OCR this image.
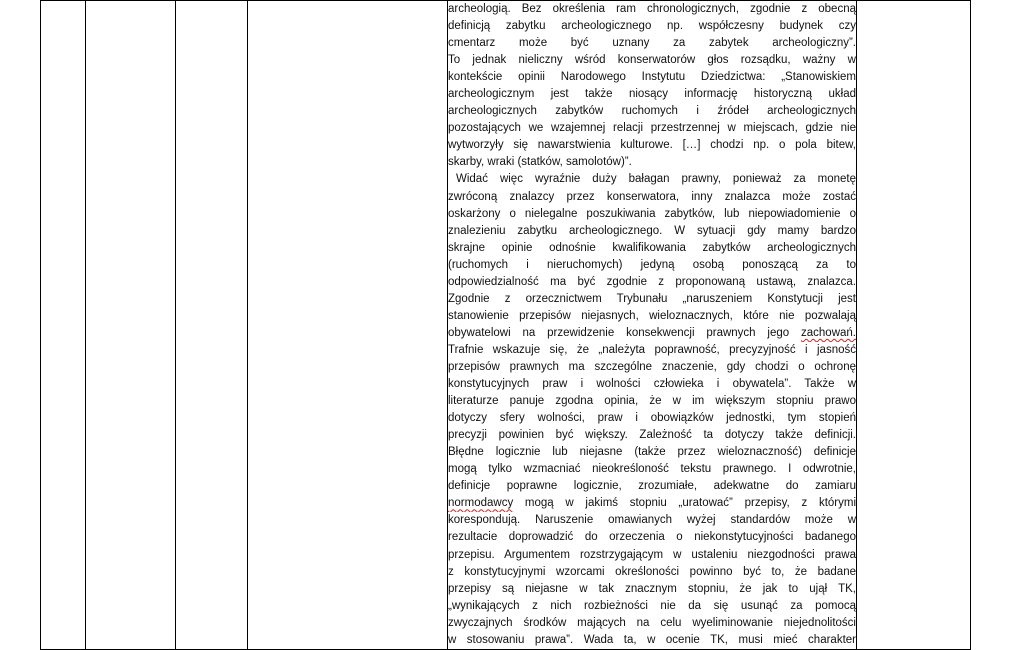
archeologią. Bez określenia ram chronologicznych, zgodnie z obecną
definicją zabytku archeologicznego np. współczesny budynek czy
cmentarz może być uznany za zabytek archeologiczny”.
To jednak nieliczny wśród konserwatorów głos rozsądku, ważny w
kontekście opinii Narodowego Instytutu Dziedzictwa: „Stanowiskiem
archeologicznym jest także niosący informację historyczną układ
archeologicznych zabytków ruchomych i źródeł archeologicznych
pozostających we wzajemnej relacji przestrzennej w miejscach, gdzie nie
wytworzyły się nawarstwienia kulturowe. […] chodzi np. o pola bitew,
skarby, wraki (statków, samolotów)”.

Widać więc wyraźnie duży bałagan prawny, ponieważ za monetę
zwróconą znalazcy przez konserwatora, inny znalazca może zostać
oskarżony o nielegalne poszukiwania zabytków, lub niepowiadomienie o
znalezieniu zabytku archeologicznego. W sytuacji gdy mamy bardzo
skrajne opinie odnośnie kwalifikowania zabytków archeologicznych
(ruchomych i nieruchomych) jedyną osobą ponoszącą za to
odpowiedzialność ma być zgodnie z proponowaną ustawą, znalazca.
Zgodnie z orzecznictwem Trybunału „naruszeniem Konstytucji jest
stanowienie przepisów niejasnych, wieloznacznych, które nie pozwalają
obywatelowi na przewidzenie konsekwencji prawnych jego zachowań.
Trafnie wskazuje się, że „należyta poprawność, precyzyjność i jasność
przepisów prawnych ma szczególne znaczenie, gdy chodzi o ochronę
konstytucyjnych praw i wolności człowieka i obywatela”. Także w
literaturze panuje zgodna opinia, że w im większym stopniu prawo
dotyczy sfery wolności, praw i obowiązków jednostki, tym stopień
precyzji powinien być większy. Zależność ta dotyczy także definicji.
Błędne logicznie lub niejasne (także przez wieloznaczność) definicje
mogą tylko wzmacniać nieokreśloność tekstu prawnego. I odwrotnie,
definicje poprawne logicznie, zrozumiałe, adekwatne do zamiaru
normodawcy mogą w jakimś stopniu „uratować” przepisy, z którymi
korespondują. Naruszenie omawianych wyżej standardów może w
rezultacie doprowadzić do orzeczenia o niekonstytucyjności badanego
przepisu. Argumentem rozstrzygającym w ustaleniu niezgodności prawa
z konstytucyjnymi wzorcami określoności powinno być to, że badane
przepisy są niejasne w tak znacznym stopniu, że jak to ujął TK,
„wynikających z nich rozbieżności nie da się usunąć za pomocą
zwyczajnych środków mających na celu wyeliminowanie niejednolitości
w stosowaniu prawa”. Wada ta, w ocenie TK, musi mieć charakter
